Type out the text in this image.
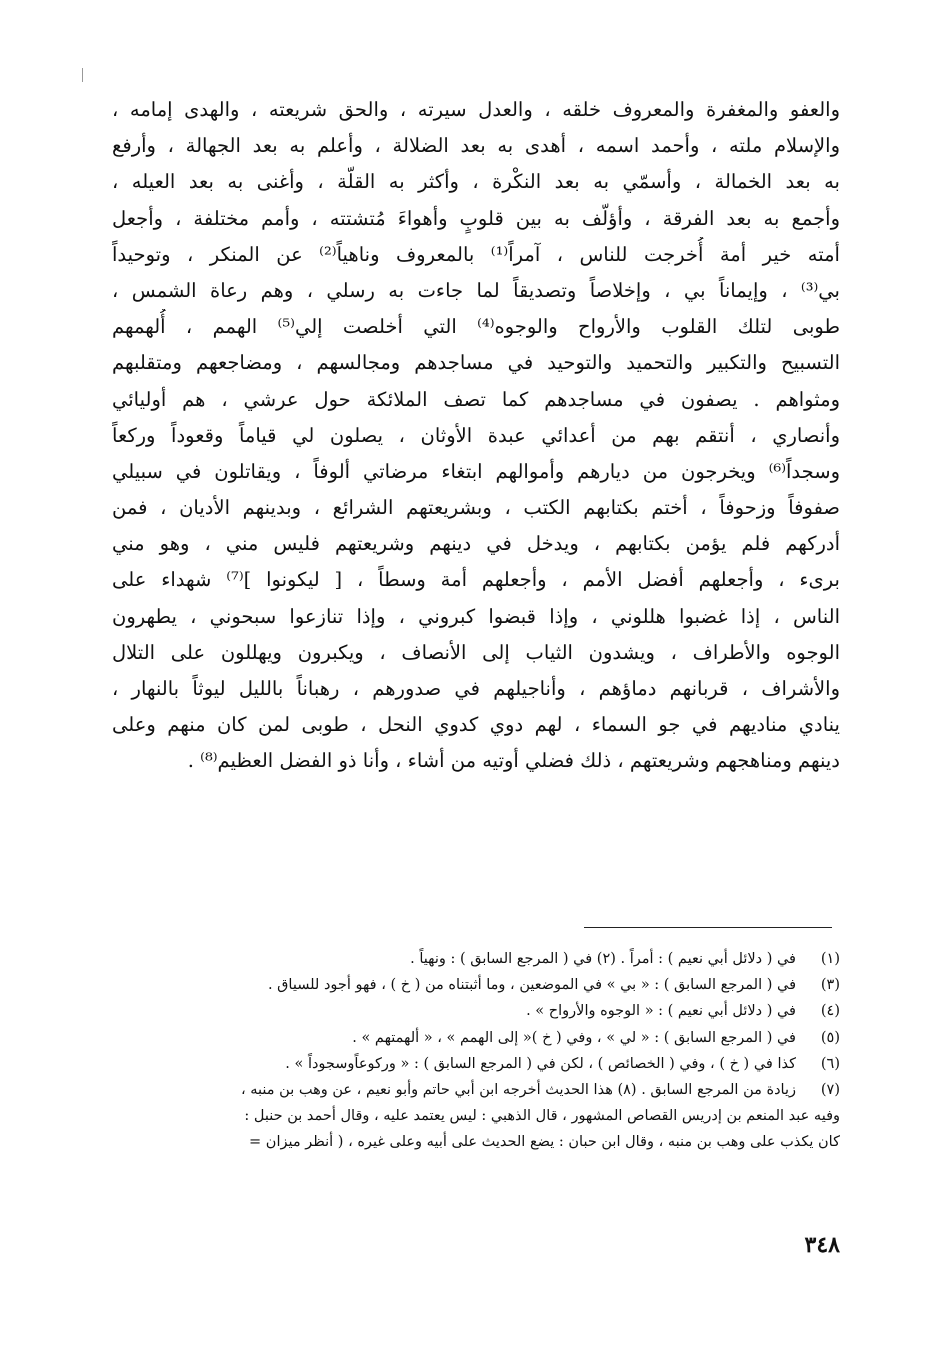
والعفو والمغفرة والمعروف خلقه ، والعدل سيرته ، والحق شريعته ، والهدى إمامه ،
والإسلام ملته ، وأحمد اسمه ، أهدى به بعد الضلالة ، وأعلم به بعد الجهالة ، وأرفع
به بعد الخمالة ، وأسمّي به بعد النكْرة ، وأكثر به القلّة ، وأغنى به بعد العيله ،
وأجمع به بعد الفرقة ، وأؤلّف به بين قلوبٍ وأهواءَ مُتشتته ، وأمم مختلفة ، وأجعل
أمته خير أمة أُخرجت للناس ، آمراً⁽¹⁾ بالمعروف وناهياً⁽²⁾ عن المنكر ، وتوحيداً
بي⁽³⁾ ، وإيماناً بي ، وإخلاصاً وتصديقاً لما جاءت به رسلي ، وهم رعاة الشمس ،
طوبى لتلك القلوب والأرواح والوجوه⁽⁴⁾ التي أخلصت إلي⁽⁵⁾ الهمم ، أُلهمهم
التسبيح والتكبير والتحميد والتوحيد في مساجدهم ومجالسهم ، ومضاجعهم ومتقلبهم
ومثواهم . يصفون في مساجدهم كما تصف الملائكة حول عرشي ، هم أوليائي
وأنصاري ، أنتقم بهم من أعدائي عبدة الأوثان ، يصلون لي قياماً وقعوداً وركعاً
وسجداً⁽⁶⁾ ويخرجون من ديارهم وأموالهم ابتغاء مرضاتي ألوفاً ، ويقاتلون في سبيلي
صفوفاً وزحوفاً ، أختم بكتابهم الكتب ، وبشريعتهم الشرائع ، وبدينهم الأديان ، فمن
أدركهم فلم يؤمن بكتابهم ، ويدخل في دينهم وشريعتهم فليس مني ، وهو مني
برىء ، وأجعلهم أفضل الأمم ، وأجعلهم أمة وسطاً ، [ ليكونوا ]⁽⁷⁾ شهداء على
الناس ، إذا غضبوا هللوني ، وإذا قبضوا كبروني ، وإذا تنازعوا سبحوني ، يطهرون
الوجوه والأطراف ، ويشدون الثياب إلى الأنصاف ، ويكبرون ويهللون على التلال
والأشراف ، قربانهم دماؤهم ، وأناجيلهم في صدورهم ، رهباناً بالليل ليوثاً بالنهار ،
ينادي مناديهم في جو السماء ، لهم دوي كدوي النحل ، طوبى لمن كان منهم وعلى
دينهم ومناهجهم وشريعتهم ، ذلك فضلي أوتيه من أشاء ، وأنا ذو الفضل العظيم⁽⁸⁾ .
(١)
في ( دلائل أبي نعيم ) : أمراً . (٢) في ( المرجع السابق ) : ونهياً .
(٣)
في ( المرجع السابق ) : « بي » في الموضعين ، وما أثبتناه من ( خ ) ، فهو أجود للسياق .
(٤)
في ( دلائل أبي نعيم ) : « الوجوه والأرواح » .
(٥)
في ( المرجع السابق ) : « لي » ، وفي ( خ )« إلى الهمم » ، « ألهمتهم » .
(٦)
كذا في ( خ ) ، وفي ( الخصائص ) ، لكن في ( المرجع السابق ) : « وركوعاًوسجوداً » .
(٧)
زيادة من المرجع السابق . (٨) هذا الحديث أخرجه ابن أبي حاتم وأبو نعيم ، عن وهب بن منبه ،
وفيه عبد المنعم بن إدريس القصاص المشهور ، قال الذهبي : ليس يعتمد عليه ، وقال أحمد بن حنبل :
كان يكذب على وهب بن منبه ، وقال ابن حبان : يضع الحديث على أبيه وعلى غيره ، ( أنظر ميزان =
٣٤٨
